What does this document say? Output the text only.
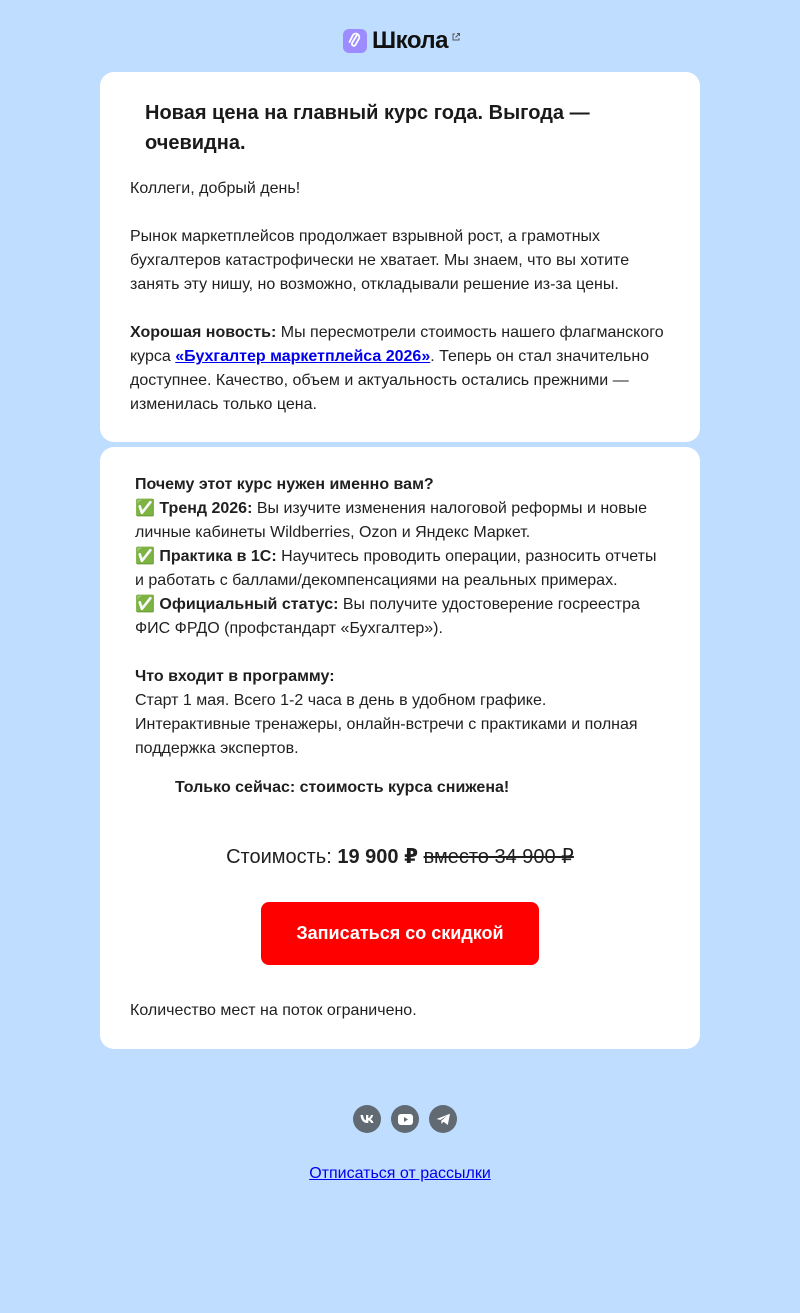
Школа
Новая цена на главный курс года. Выгода — очевидна.

Коллеги, добрый день!

Рынок маркетплейсов продолжает взрывной рост, а грамотных бухгалтеров катастрофически не хватает. Мы знаем, что вы хотите занять эту нишу, но возможно, откладывали решение из-за цены.

Хорошая новость: Мы пересмотрели стоимость нашего флагманского курса «Бухгалтер маркетплейса 2026». Теперь он стал значительно доступнее. Качество, объем и актуальность остались прежними — изменилась только цена.

Почему этот курс нужен именно вам?
✅ Тренд 2026: Вы изучите изменения налоговой реформы и новые личные кабинеты Wildberries, Ozon и Яндекс Маркет.
✅ Практика в 1С: Научитесь проводить операции, разносить отчеты и работать с баллами/декомпенсациями на реальных примерах.
✅ Официальный статус: Вы получите удостоверение госреестра ФИС ФРДО (профстандарт «Бухгалтер»).

Что входит в программу:
Старт 1 мая. Всего 1-2 часа в день в удобном графике. Интерактивные тренажеры, онлайн-встречи с практиками и полная поддержка экспертов.

Только сейчас: стоимость курса снижена!

Стоимость: 19 900 ₽ вместо 34 900 ₽

Записаться со скидкой

Количество мест на поток ограничено.

Отписаться от рассылки
